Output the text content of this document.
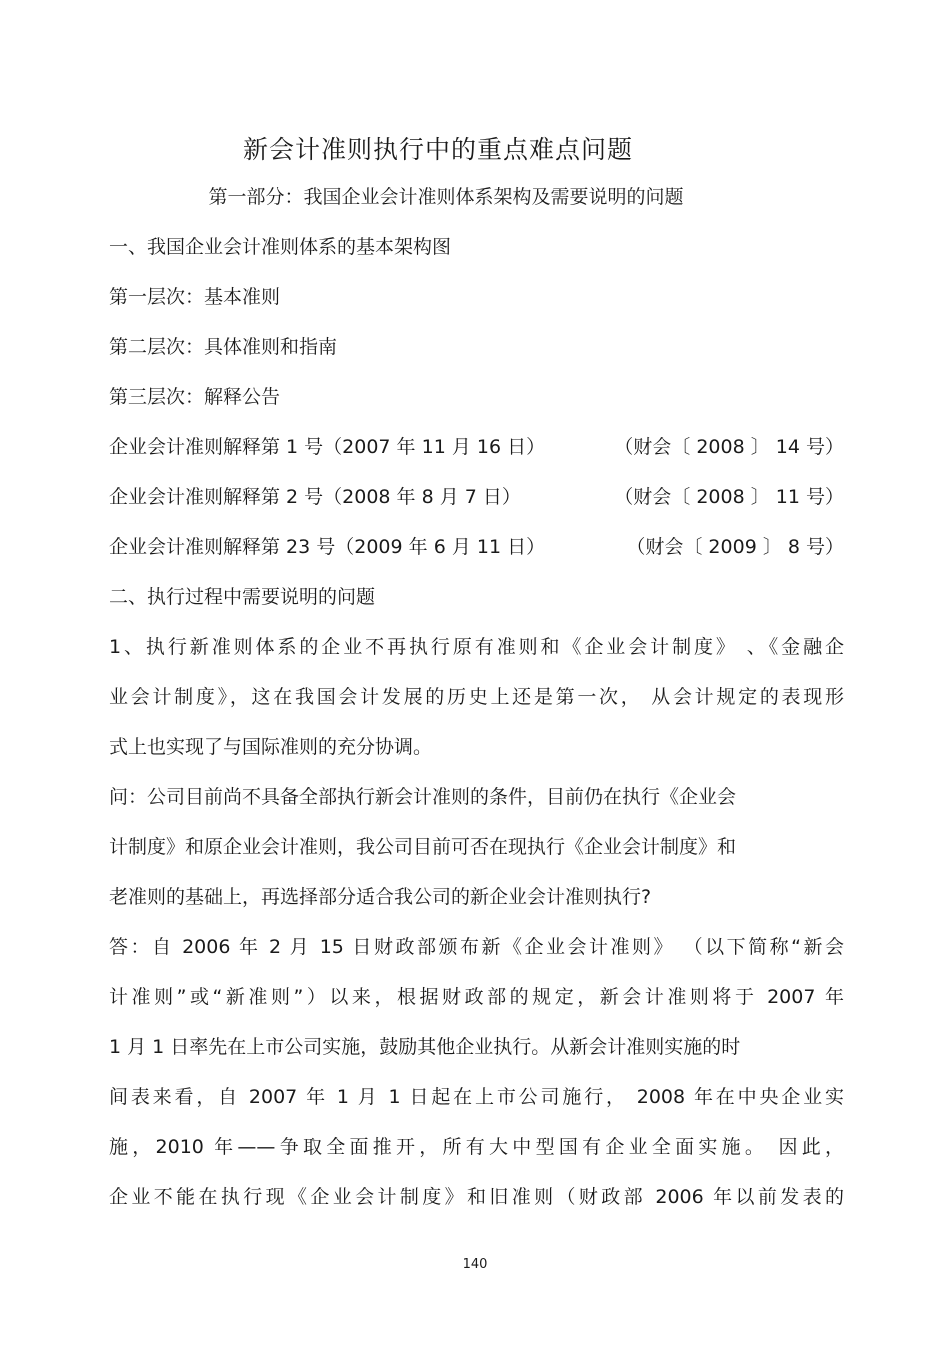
新会计准则执行中的重点难点问题
第一部分：我国企业会计准则体系架构及需要说明的问题
一、我国企业会计准则体系的基本架构图
第一层次：基本准则
第二层次：具体准则和指南
第三层次：解释公告
企业会计准则解释第 1 号（2007 年 11 月 16 日）	（财会〔 2008 〕 14 号）
企业会计准则解释第 2 号（2008 年 8 月 7 日）	（财会〔 2008 〕 11 号）
企业会计准则解释第 23 号（2009 年 6 月 11 日）	（财会〔 2009 〕 8 号）
二、执行过程中需要说明的问题
1、执行新准则体系的企业不再执行原有准则和《企业会计制度》 、《金融企
业会计制度》，这在我国会计发展的历史上还是第一次， 从会计规定的表现形
式上也实现了与国际准则的充分协调。
问：公司目前尚不具备全部执行新会计准则的条件，目前仍在执行《企业会
计制度》和原企业会计准则，我公司目前可否在现执行《企业会计制度》和
老准则的基础上，再选择部分适合我公司的新企业会计准则执行?
答：自 2006 年 2 月 15 日财政部颁布新《企业会计准则》 （以下简称“新会
计准则”或“新准则”）以来，根据财政部的规定，新会计准则将于 2007 年
1 月 1 日率先在上市公司实施，鼓励其他企业执行。从新会计准则实施的时
间表来看，自 2007 年 1 月 1 日起在上市公司施行， 2008 年在中央企业实
施，2010 年——争取全面推开，所有大中型国有企业全面实施。 因此，
企业不能在执行现《企业会计制度》和旧准则（财政部 2006 年以前发表的
140
